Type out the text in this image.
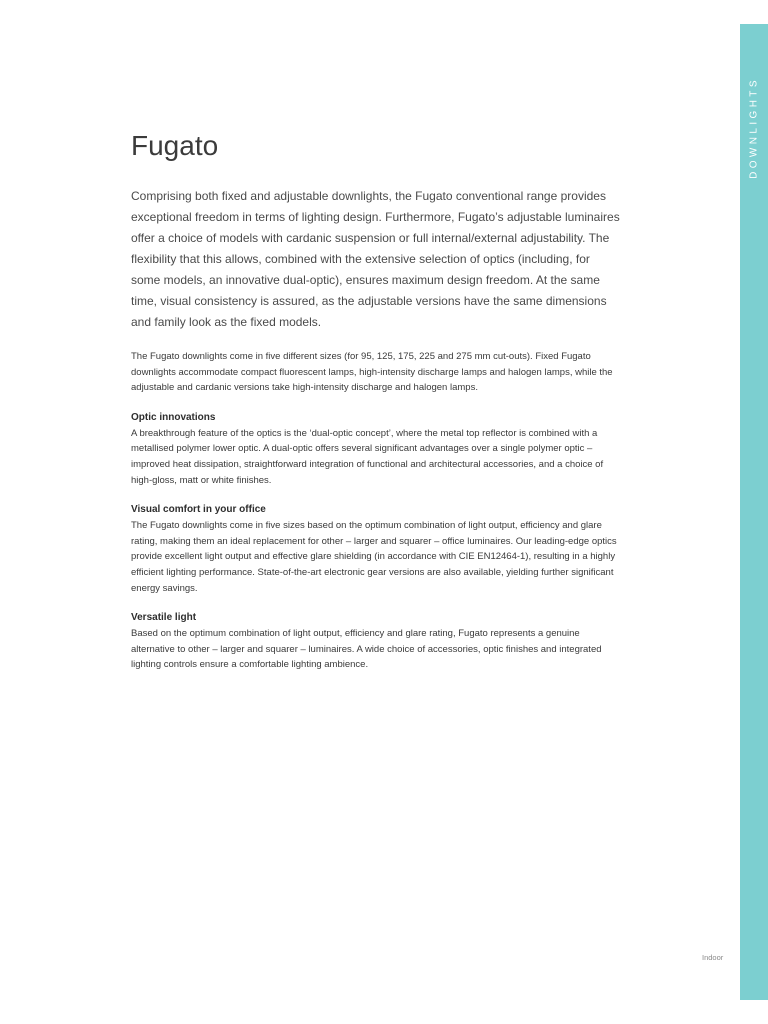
DOWNLIGHTS
Fugato

Comprising both fixed and adjustable downlights, the Fugato conventional range provides exceptional freedom in terms of lighting design. Furthermore, Fugato’s adjustable luminaires offer a choice of models with cardanic suspension or full internal/external adjustability. The flexibility that this allows, combined with the extensive selection of optics (including, for some models, an innovative dual-optic), ensures maximum design freedom. At the same time, visual consistency is assured, as the adjustable versions have the same dimensions and family look as the fixed models.

The Fugato downlights come in five different sizes (for 95, 125, 175, 225 and 275 mm cut-outs). Fixed Fugato downlights accommodate compact fluorescent lamps, high-intensity discharge lamps and halogen lamps, while the adjustable and cardanic versions take high-intensity discharge and halogen lamps.

Optic innovations

A breakthrough feature of the optics is the ‘dual-optic concept’, where the metal top reflector is combined with a metallised polymer lower optic. A dual-optic offers several significant advantages over a single polymer optic – improved heat dissipation, straightforward integration of functional and architectural accessories, and a choice of high-gloss, matt or white finishes.

Visual comfort in your office

The Fugato downlights come in five sizes based on the optimum combination of light output, efficiency and glare rating, making them an ideal replacement for other – larger and squarer – office luminaires. Our leading-edge optics provide excellent light output and effective glare shielding (in accordance with CIE EN12464-1), resulting in a highly efficient lighting performance. State-of-the-art electronic gear versions are also available, yielding further significant energy savings.

Versatile light

Based on the optimum combination of light output, efficiency and glare rating, Fugato represents a genuine alternative to other – larger and squarer – luminaires. A wide choice of accessories, optic finishes and integrated lighting controls ensure a comfortable lighting ambience.

Indoor
